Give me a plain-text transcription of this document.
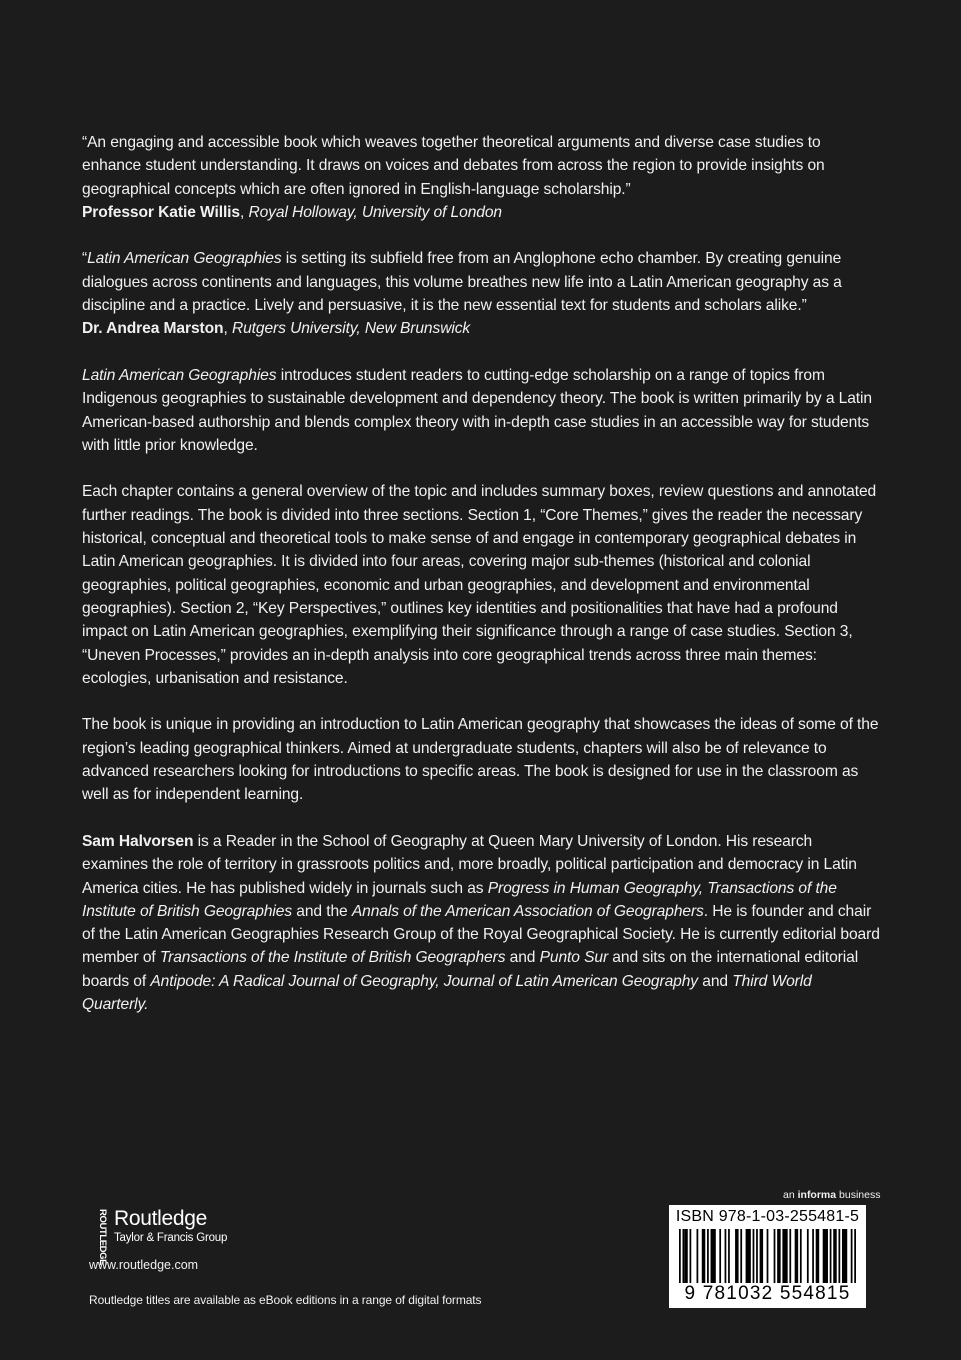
“An engaging and accessible book which weaves together theoretical arguments and diverse case studies to enhance student understanding. It draws on voices and debates from across the region to provide insights on geographical concepts which are often ignored in English-language scholarship.”
Professor Katie Willis, Royal Holloway, University of London

“Latin American Geographies is setting its subfield free from an Anglophone echo chamber. By creating genuine dialogues across continents and languages, this volume breathes new life into a Latin American geography as a discipline and a practice. Lively and persuasive, it is the new essential text for students and scholars alike.”
Dr. Andrea Marston, Rutgers University, New Brunswick

Latin American Geographies introduces student readers to cutting-edge scholarship on a range of topics from Indigenous geographies to sustainable development and dependency theory. The book is written primarily by a Latin American-based authorship and blends complex theory with in-depth case studies in an accessible way for students with little prior knowledge.

Each chapter contains a general overview of the topic and includes summary boxes, review questions and annotated further readings. The book is divided into three sections. Section 1, “Core Themes,” gives the reader the necessary historical, conceptual and theoretical tools to make sense of and engage in contemporary geographical debates in Latin American geographies. It is divided into four areas, covering major sub-themes (historical and colonial geographies, political geographies, economic and urban geographies, and development and environmental geographies). Section 2, “Key Perspectives,” outlines key identities and positionalities that have had a profound impact on Latin American geographies, exemplifying their significance through a range of case studies. Section 3, “Uneven Processes,” provides an in-depth analysis into core geographical trends across three main themes: ecologies, urbanisation and resistance.

The book is unique in providing an introduction to Latin American geography that showcases the ideas of some of the region’s leading geographical thinkers. Aimed at undergraduate students, chapters will also be of relevance to advanced researchers looking for introductions to specific areas. The book is designed for use in the classroom as well as for independent learning.

Sam Halvorsen is a Reader in the School of Geography at Queen Mary University of London. His research examines the role of territory in grassroots politics and, more broadly, political participation and democracy in Latin America cities. He has published widely in journals such as Progress in Human Geography, Transactions of the Institute of British Geographies and the Annals of the American Association of Geographers. He is founder and chair of the Latin American Geographies Research Group of the Royal Geographical Society. He is currently editorial board member of Transactions of the Institute of British Geographers and Punto Sur and sits on the international editorial boards of Antipode: A Radical Journal of Geography, Journal of Latin American Geography and Third World Quarterly.

ROUTLEDGE Routledge
Taylor & Francis Group
www.routledge.com
Routledge titles are available as eBook editions in a range of digital formats
an informa business
ISBN 978-1-03-255481-5
9 781032 554815
